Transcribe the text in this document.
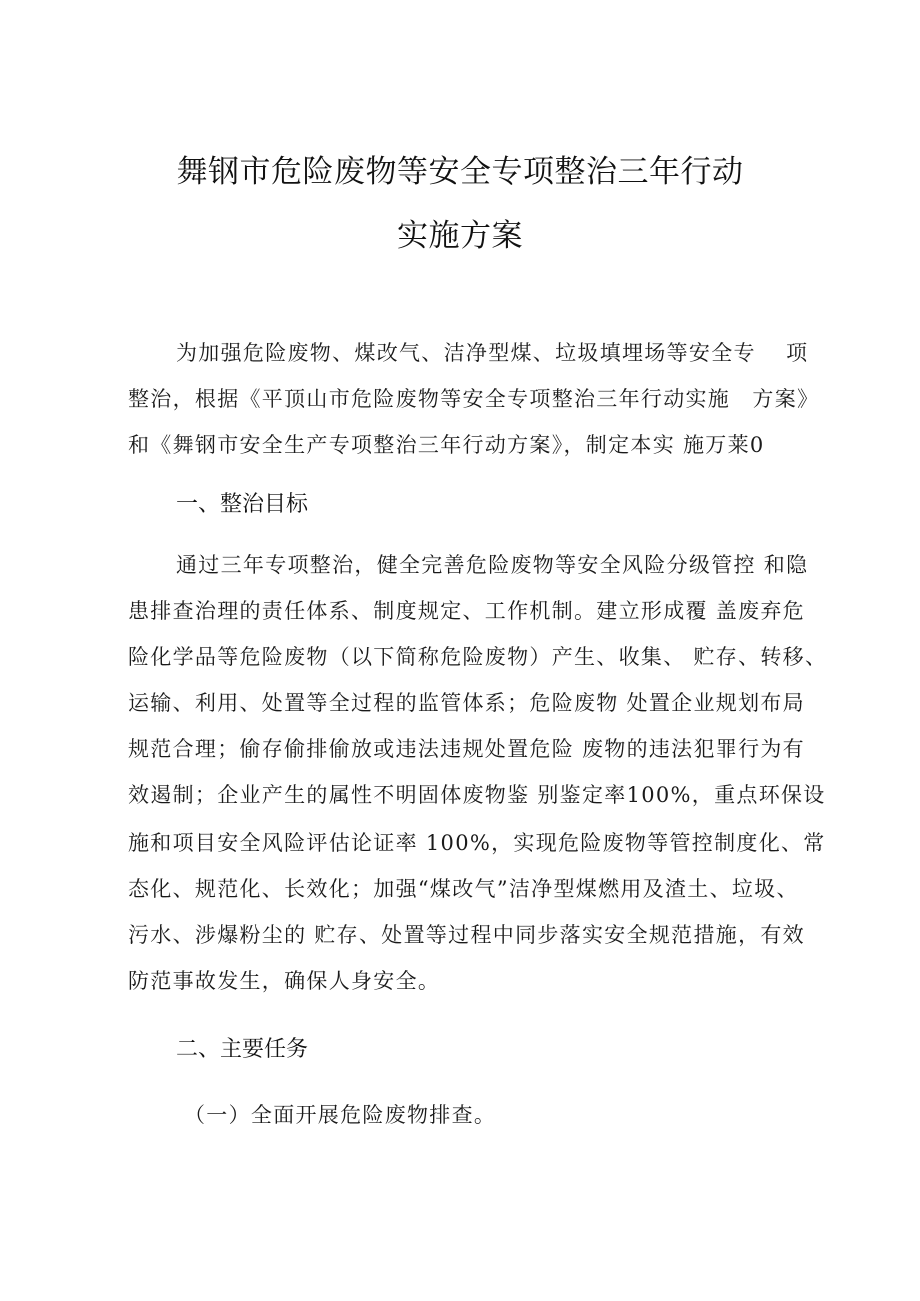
舞钢市危险废物等安全专项整治三年行动
实施方案
为加强危险废物、煤改气、洁净型煤、垃圾填埋场等安全专　 项
整治，根据《平顶山市危险废物等安全专项整治三年行动实施　方案》
和《舞钢市安全生产专项整治三年行动方案》，制定本实 施万莱0
一、整治目标
通过三年专项整治，健全完善危险废物等安全风险分级管控 和隐
患排查治理的责任体系、制度规定、工作机制。建立形成覆 盖废弃危
险化学品等危险废物（以下简称危险废物）产生、收集、 贮存、转移、
运输、利用、处置等全过程的监管体系；危险废物 处置企业规划布局
规范合理；偷存偷排偷放或违法违规处置危险 废物的违法犯罪行为有
效遏制；企业产生的属性不明固体废物鉴 别鉴定率100%，重点环保设
施和项目安全风险评估论证率 100%，实现危险废物等管控制度化、常
态化、规范化、长效化；加强“煤改气”洁净型煤燃用及渣土、垃圾、
污水、涉爆粉尘的 贮存、处置等过程中同步落实安全规范措施，有效
防范事故发生，确保人身安全。
二、主要任务
（一）全面开展危险废物排查。
